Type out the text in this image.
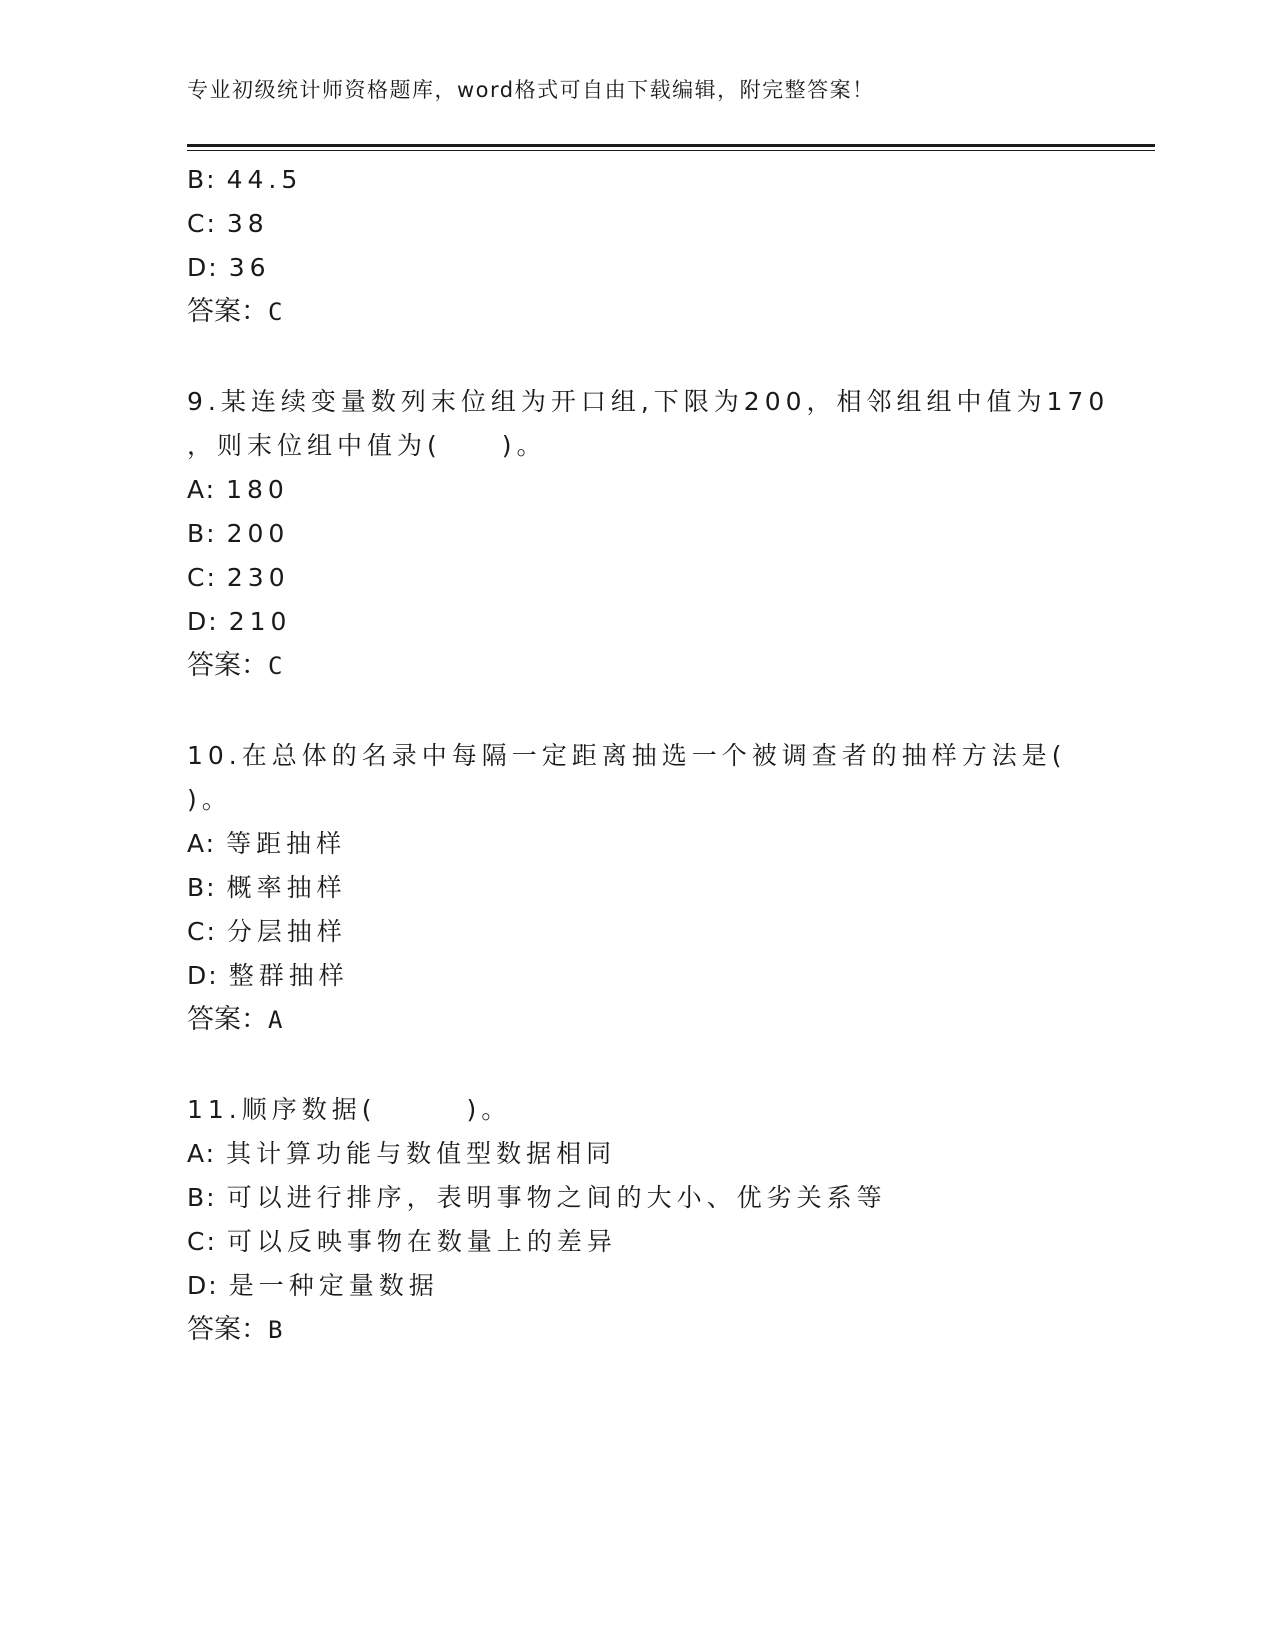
专业初级统计师资格题库，word格式可自由下载编辑，附完整答案！
B: 44.5
C: 38
D: 36
答案：C
9.某连续变量数列末位组为开口组,下限为200，相邻组组中值为170
，则末位组中值为(　　)。
A: 180
B: 200
C: 230
D: 210
答案：C
10.在总体的名录中每隔一定距离抽选一个被调查者的抽样方法是(
)。
A: 等距抽样
B: 概率抽样
C: 分层抽样
D: 整群抽样
答案：A
11.顺序数据(　　　)。
A: 其计算功能与数值型数据相同
B: 可以进行排序，表明事物之间的大小、优劣关系等
C: 可以反映事物在数量上的差异
D: 是一种定量数据
答案：B
